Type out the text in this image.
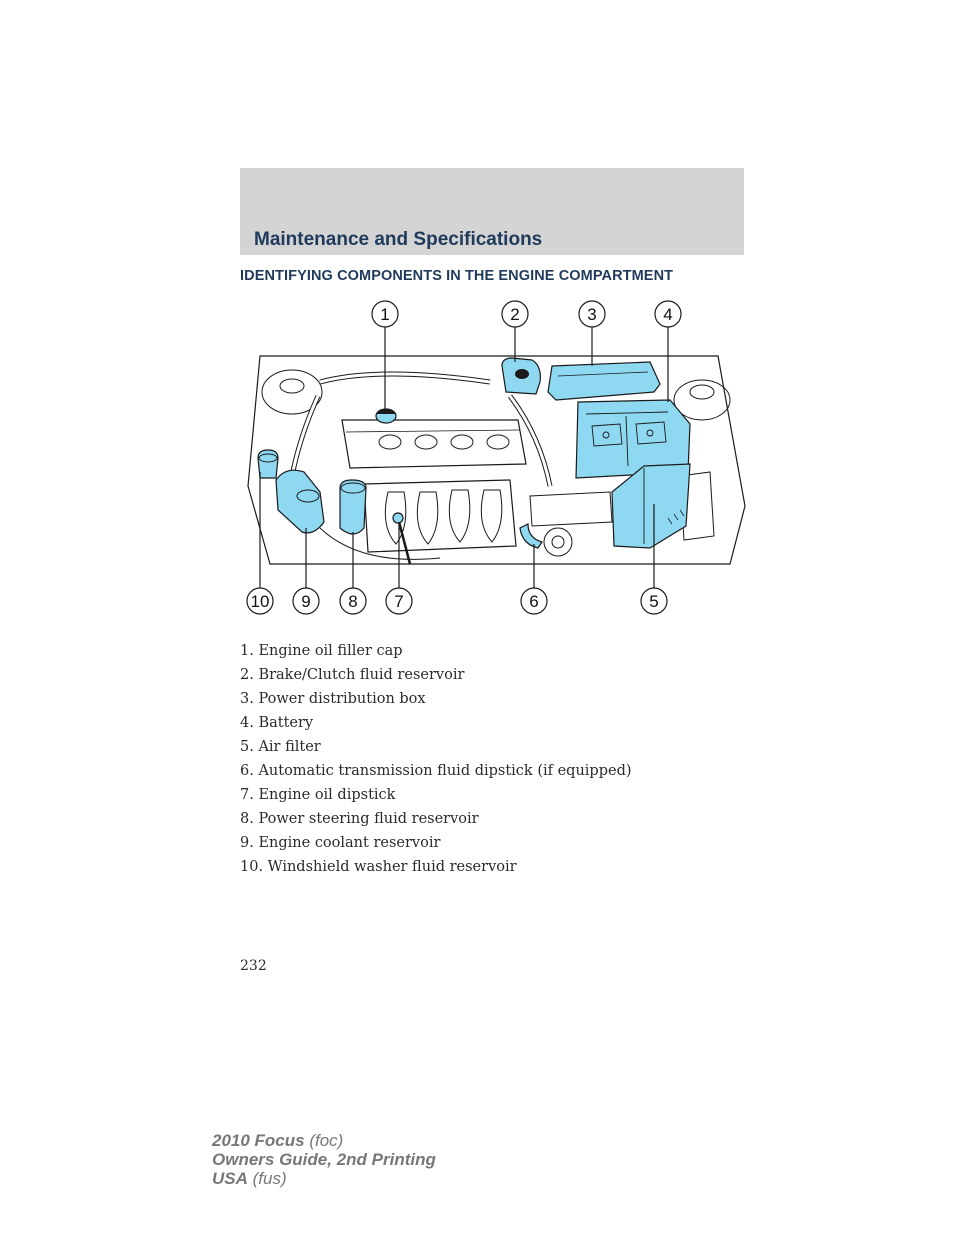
Maintenance and Specifications
IDENTIFYING COMPONENTS IN THE ENGINE COMPARTMENT
1	2	3	4
10 9 8 7	6	5
1. Engine oil filler cap
2. Brake/Clutch fluid reservoir
3. Power distribution box
4. Battery
5. Air filter
6. Automatic transmission fluid dipstick (if equipped)
7. Engine oil dipstick
8. Power steering fluid reservoir
9. Engine coolant reservoir
10. Windshield washer fluid reservoir
232
2010 Focus (foc)
Owners Guide, 2nd Printing
USA (fus)
